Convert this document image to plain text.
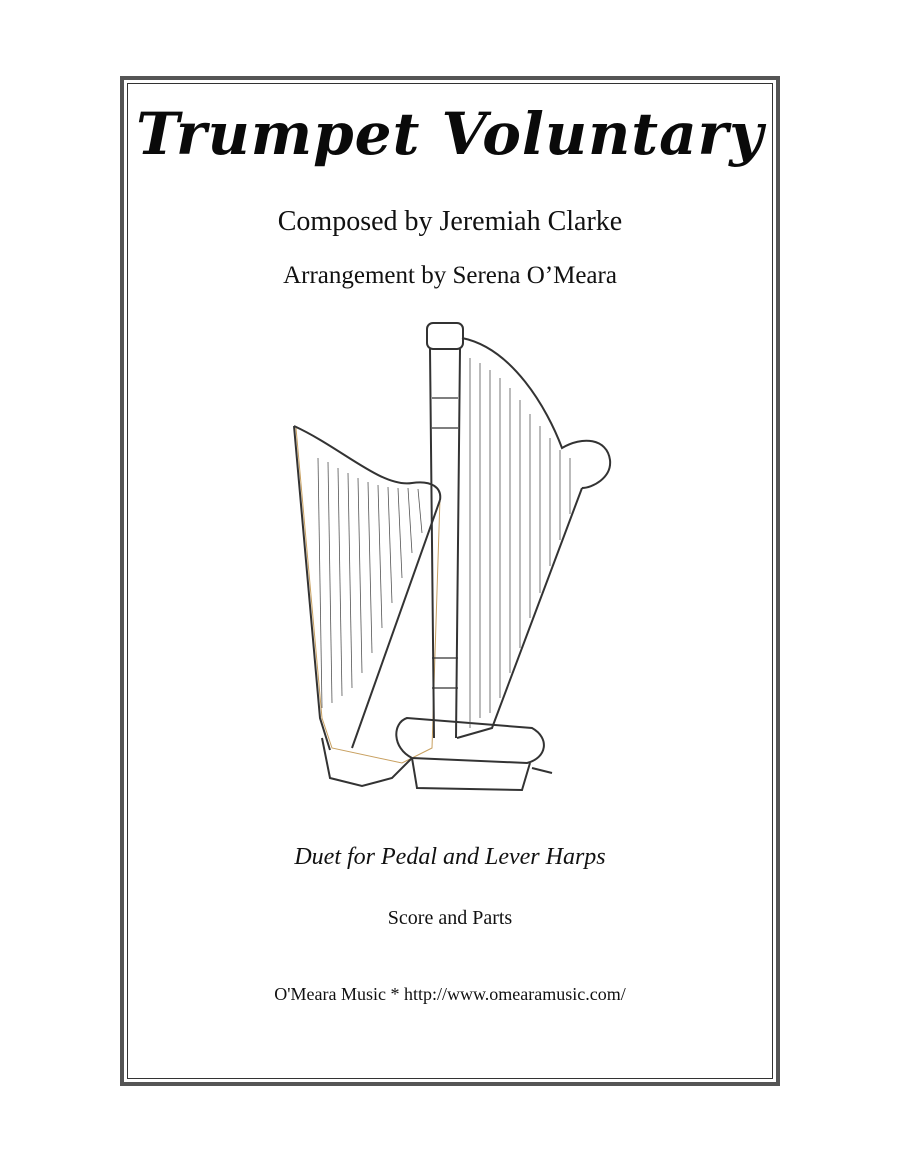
Trumpet Voluntary

Composed by Jeremiah Clarke

Arrangement by Serena O’Meara

Duet for Pedal and Lever Harps

Score and Parts

O'Meara Music * http://www.omearamusic.com/
